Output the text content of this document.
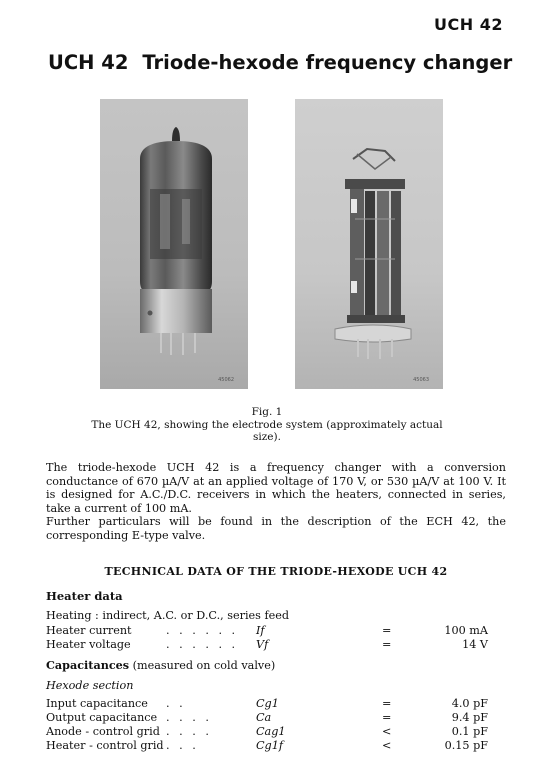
UCH 42
UCH 42 Triode-hexode frequency changer
45062	45063
Fig. 1
The UCH 42, showing the electrode system (approximately actual size).

The triode-hexode UCH 42 is a frequency changer with a conversion conductance of 670 µA/V at an applied voltage of 170 V, or 530 µA/V at 100 V. It is designed for A.C./D.C. receivers in which the heaters, connected in series, take a current of 100 mA.

Further particulars will be found in the description of the ECH 42, the corresponding E-type valve.

TECHNICAL DATA OF THE TRIODE-HEXODE UCH 42
Heater data
Heating : indirect, A.C. or D.C., series feed
Heater current	. . . . . . If	=	100 mA
Heater voltage	. . . . . . Vf	=	14 V
Capacitances (measured on cold valve)
Hexode section
Input capacitance . .	Cg1	=	4.0 pF
Output capacitance . . . .	Ca	=	9.4 pF
Anode - control grid . . . .	Cag1	<	0.1 pF
Heater - control grid . . .	Cg1f	<	0.15 pF
